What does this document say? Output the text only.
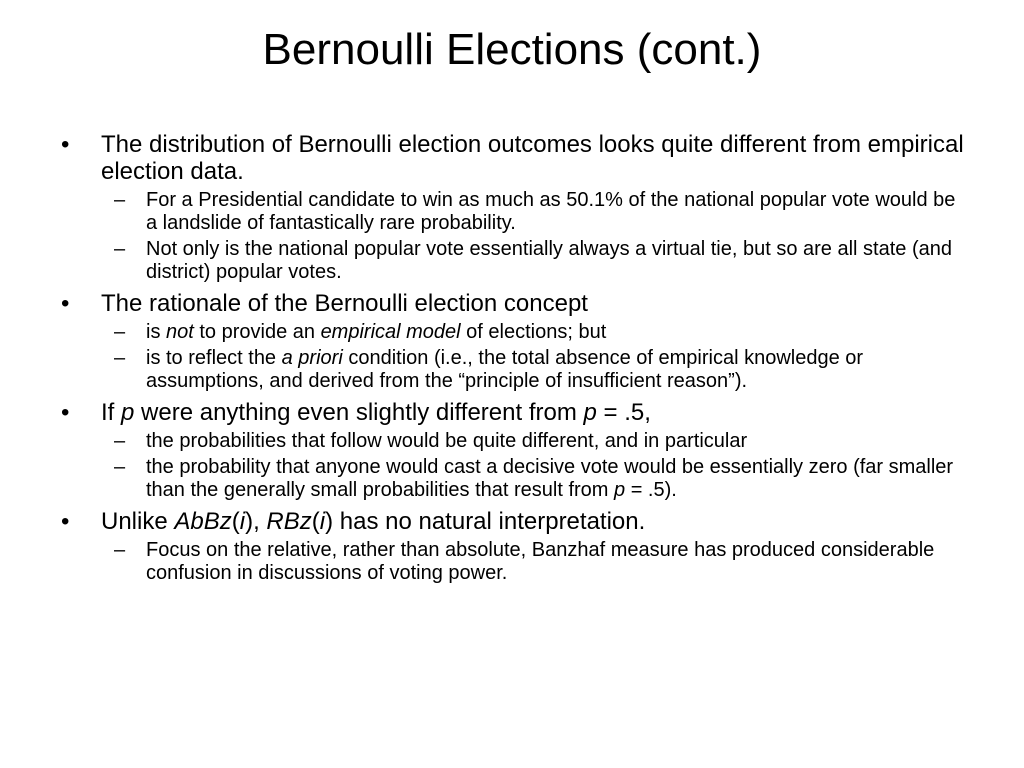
Bernoulli Elections (cont.)
• The distribution of Bernoulli election outcomes looks quite different from empirical election data.
– For a Presidential candidate to win as much as 50.1% of the national popular vote would be a landslide of fantastically rare probability.
– Not only is the national popular vote essentially always a virtual tie, but so are all state (and district) popular votes.
• The rationale of the Bernoulli election concept
– is not to provide an empirical model of elections; but
– is to reflect the a priori condition (i.e., the total absence of empirical knowledge or assumptions, and derived from the “principle of insufficient reason”).
• If p were anything even slightly different from p = .5,
– the probabilities that follow would be quite different, and in particular
– the probability that anyone would cast a decisive vote would be essentially zero (far smaller than the generally small probabilities that result from p = .5).
• Unlike AbBz(i), RBz(i) has no natural interpretation.
– Focus on the relative, rather than absolute, Banzhaf measure has produced considerable confusion in discussions of voting power.
